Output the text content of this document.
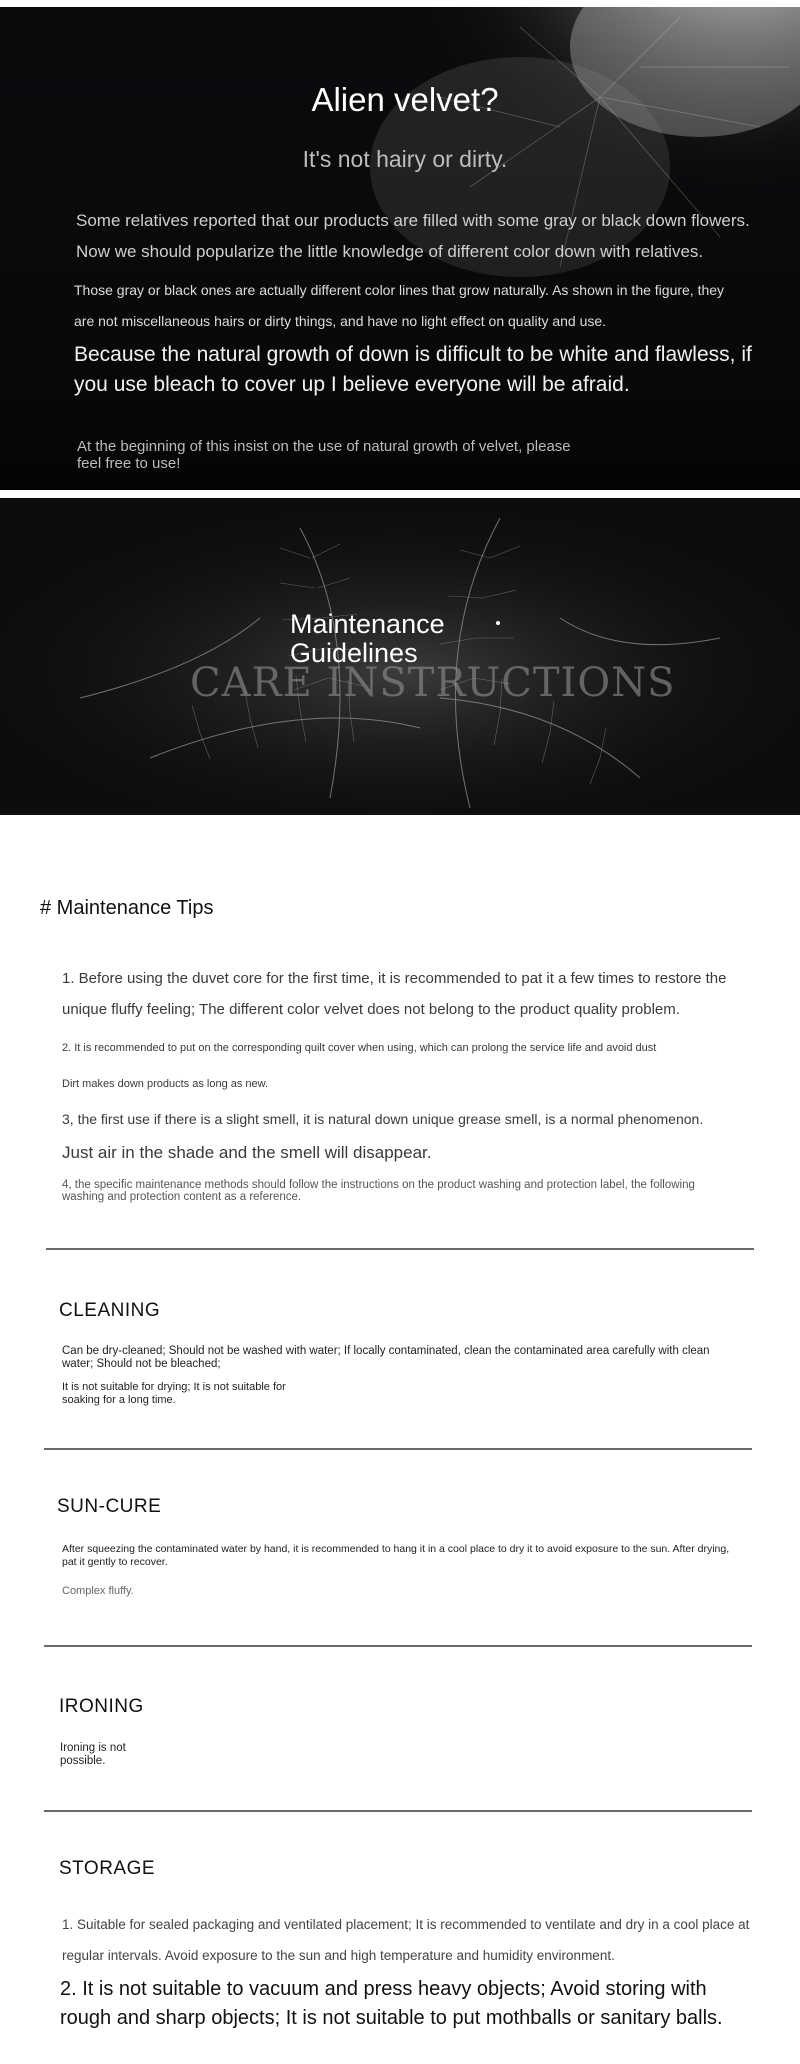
Alien velvet?
It's not hairy or dirty.
Some relatives reported that our products are filled with some gray or black down flowers. Now we should popularize the little knowledge of different color down with relatives.
Those gray or black ones are actually different color lines that grow naturally. As shown in the figure, they are not miscellaneous hairs or dirty things, and have no light effect on quality and use.
Because the natural growth of down is difficult to be white and flawless, if you use bleach to cover up I believe everyone will be afraid.
At the beginning of this insist on the use of natural growth of velvet, please feel free to use!
Maintenance Guidelines
CARE INSTRUCTIONS
# Maintenance Tips
1. Before using the duvet core for the first time, it is recommended to pat it a few times to restore the unique fluffy feeling; The different color velvet does not belong to the product quality problem.
2. It is recommended to put on the corresponding quilt cover when using, which can prolong the service life and avoid dust
Dirt makes down products as long as new.
3, the first use if there is a slight smell, it is natural down unique grease smell, is a normal phenomenon.
Just air in the shade and the smell will disappear.
4, the specific maintenance methods should follow the instructions on the product washing and protection label, the following washing and protection content as a reference.
CLEANING
Can be dry-cleaned; Should not be washed with water; If locally contaminated, clean the contaminated area carefully with clean water; Should not be bleached;
It is not suitable for drying; It is not suitable for soaking for a long time.
SUN-CURE
After squeezing the contaminated water by hand, it is recommended to hang it in a cool place to dry it to avoid exposure to the sun. After drying, pat it gently to recover.
Complex fluffy.
IRONING
Ironing is not possible.
STORAGE
1. Suitable for sealed packaging and ventilated placement; It is recommended to ventilate and dry in a cool place at regular intervals. Avoid exposure to the sun and high temperature and humidity environment.
2. It is not suitable to vacuum and press heavy objects; Avoid storing with rough and sharp objects; It is not suitable to put mothballs or sanitary balls.
